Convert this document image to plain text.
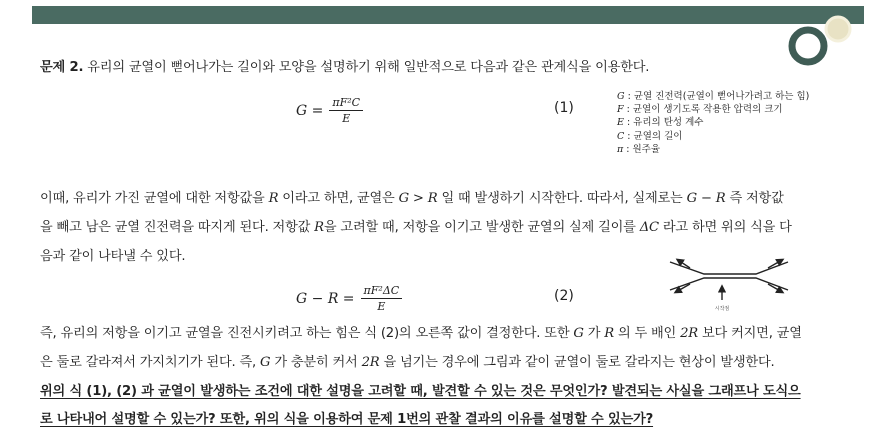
문제 2. 유리의 균열이 뻗어나가는 길이와 모양을 설명하기 위해 일반적으로 다음과 같은 관계식을 이용한다.
$G = \frac{\text{πF²C}}{E}$	(1)
G : 균열 진전력(균열이 뻗어나가려고 하는 힘)
F : 균열이 생기도록 작용한 압력의 크기
E : 유리의 탄성 계수
C : 균열의 길이
π : 원주율
이때, 유리가 가진 균열에 대한 저항값을 R 이라고 하면, 균열은 G > R 일 때 발생하기 시작한다. 따라서, 실제로는 G − R 즉 저항값
을 빼고 남은 균열 진전력을 따지게 된다. 저항값 R을 고려할 때, 저항을 이기고 발생한 균열의 실제 길이를 ΔC 라고 하면 위의 식을 다
음과 같이 나타낼 수 있다.
$G - R = \frac{\text{πF²ΔC}}{E}$	(2)
시작점
즉, 유리의 저항을 이기고 균열을 진전시키려고 하는 힘은 식 (2)의 오른쪽 값이 결정한다. 또한 G 가 R 의 두 배인 2R 보다 커지면, 균열
은 둘로 갈라져서 가지치기가 된다. 즉, G 가 충분히 커서 2R 을 넘기는 경우에 그림과 같이 균열이 둘로 갈라지는 현상이 발생한다.
위의 식 (1), (2) 과 균열이 발생하는 조건에 대한 설명을 고려할 때, 발견할 수 있는 것은 무엇인가? 발견되는 사실을 그래프나 도식으
로 나타내어 설명할 수 있는가? 또한, 위의 식을 이용하여 문제 1번의 관찰 결과의 이유를 설명할 수 있는가?
